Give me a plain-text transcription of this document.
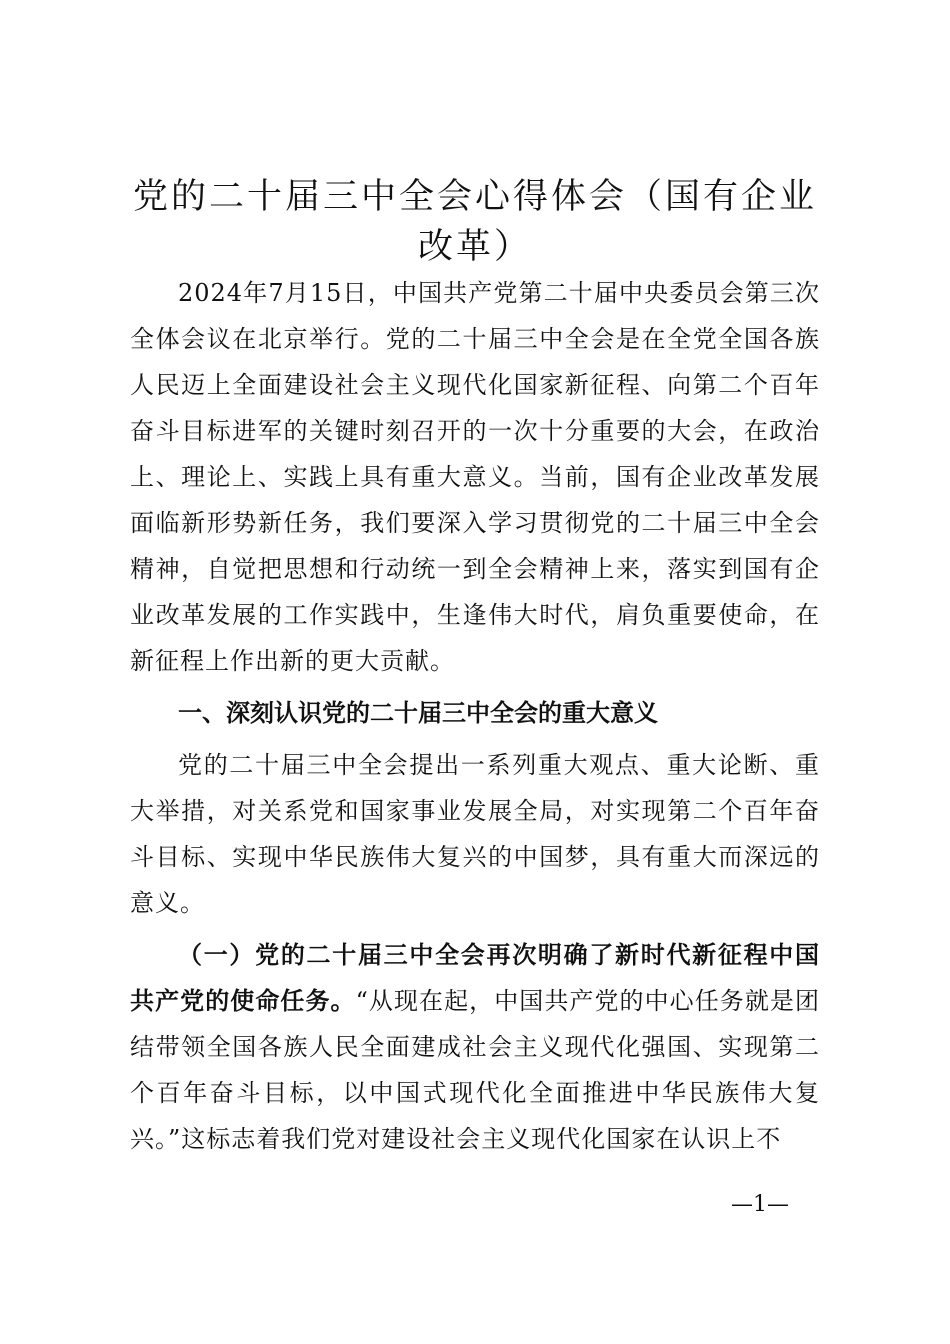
党的二十届三中全会心得体会（国有企业改革）

2024年7月15日，中国共产党第二十届中央委员会第三次全体会议在北京举行。党的二十届三中全会是在全党全国各族人民迈上全面建设社会主义现代化国家新征程、向第二个百年奋斗目标进军的关键时刻召开的一次十分重要的大会，在政治上、理论上、实践上具有重大意义。当前，国有企业改革发展面临新形势新任务，我们要深入学习贯彻党的二十届三中全会精神，自觉把思想和行动统一到全会精神上来，落实到国有企业改革发展的工作实践中，生逢伟大时代，肩负重要使命，在新征程上作出新的更大贡献。

一、深刻认识党的二十届三中全会的重大意义

党的二十届三中全会提出一系列重大观点、重大论断、重大举措，对关系党和国家事业发展全局，对实现第二个百年奋斗目标、实现中华民族伟大复兴的中国梦，具有重大而深远的意义。

（一）党的二十届三中全会再次明确了新时代新征程中国共产党的使命任务。“从现在起，中国共产党的中心任务就是团结带领全国各族人民全面建成社会主义现代化强国、实现第二个百年奋斗目标，以中国式现代化全面推进中华民族伟大复兴。”这标志着我们党对建设社会主义现代化国家在认识上不

—1—
